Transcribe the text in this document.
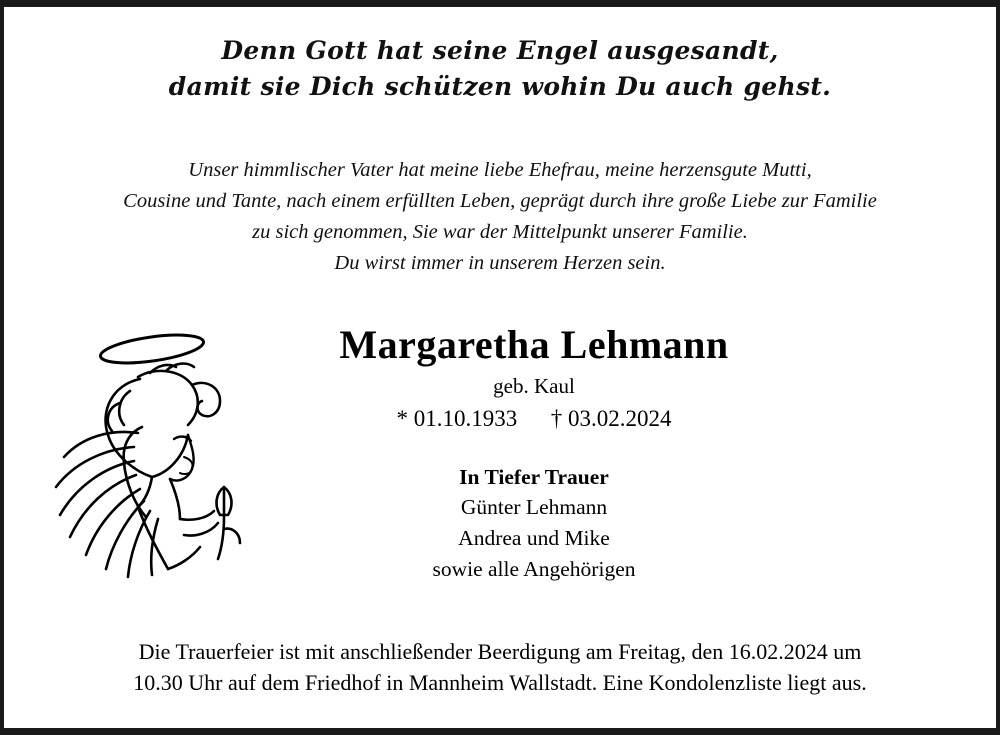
Denn Gott hat seine Engel ausgesandt,
damit sie Dich schützen wohin Du auch gehst.
Unser himmlischer Vater hat meine liebe Ehefrau, meine herzensgute Mutti,
Cousine und Tante, nach einem erfüllten Leben, geprägt durch ihre große Liebe zur Familie
zu sich genommen, Sie war der Mittelpunkt unserer Familie.
Du wirst immer in unserem Herzen sein.
Margaretha Lehmann
geb. Kaul
* 01.10.1933 † 03.02.2024
In Tiefer Trauer
Günter Lehmann
Andrea und Mike
sowie alle Angehörigen
Die Trauerfeier ist mit anschließender Beerdigung am Freitag, den 16.02.2024 um
10.30 Uhr auf dem Friedhof in Mannheim Wallstadt. Eine Kondolenzliste liegt aus.
